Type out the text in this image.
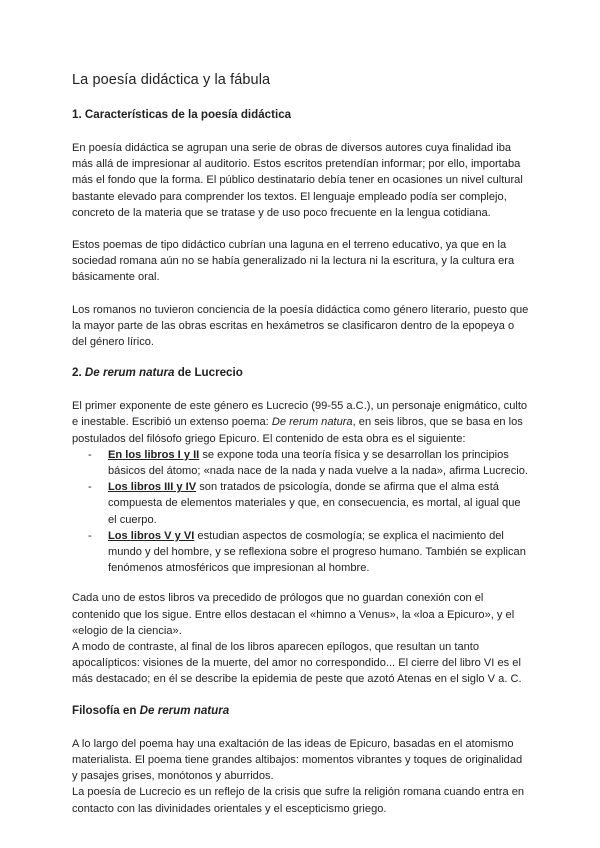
La poesía didáctica y la fábula
1. Características de la poesía didáctica

En poesía didáctica se agrupan una serie de obras de diversos autores cuya finalidad iba más allá de impresionar al auditorio. Estos escritos pretendían informar; por ello, importaba más el fondo que la forma. El público destinatario debía tener en ocasiones un nivel cultural bastante elevado para comprender los textos. El lenguaje empleado podía ser complejo, concreto de la materia que se tratase y de uso poco frecuente en la lengua cotidiana.

Estos poemas de tipo didáctico cubrían una laguna en el terreno educativo, ya que en la sociedad romana aún no se había generalizado ni la lectura ni la escritura, y la cultura era básicamente oral.

Los romanos no tuvieron conciencia de la poesía didáctica como género literario, puesto que la mayor parte de las obras escritas en hexámetros se clasificaron dentro de la epopeya o del género lírico.

2. De rerum natura de Lucrecio

El primer exponente de este género es Lucrecio (99-55 a.C.), un personaje enigmático, culto e inestable. Escribió un extenso poema: De rerum natura, en seis libros, que se basa en los postulados del filósofo griego Epicuro. El contenido de esta obra es el siguiente:

- En los libros I y II se expone toda una teoría física y se desarrollan los principios básicos del átomo; «nada nace de la nada y nada vuelve a la nada», afirma Lucrecio.
- Los libros III y IV son tratados de psicología, donde se afirma que el alma está compuesta de elementos materiales y que, en consecuencia, es mortal, al igual que el cuerpo.
- Los libros V y VI estudian aspectos de cosmología; se explica el nacimiento del mundo y del hombre, y se reflexiona sobre el progreso humano. También se explican fenómenos atmosféricos que impresionan al hombre.

Cada uno de estos libros va precedido de prólogos que no guardan conexión con el contenido que los sigue. Entre ellos destacan el «himno a Venus», la «loa a Epicuro», y el «elogio de la ciencia».

A modo de contraste, al final de los libros aparecen epílogos, que resultan un tanto apocalípticos: visiones de la muerte, del amor no correspondido... El cierre del libro VI es el más destacado; en él se describe la epidemia de peste que azotó Atenas en el siglo V a. C.

Filosofía en De rerum natura

A lo largo del poema hay una exaltación de las ideas de Epicuro, basadas en el atomismo materialista. El poema tiene grandes altibajos: momentos vibrantes y toques de originalidad y pasajes grises, monótonos y aburridos.

La poesía de Lucrecio es un reflejo de la crisis que sufre la religión romana cuando entra en contacto con las divinidades orientales y el escepticismo griego.
